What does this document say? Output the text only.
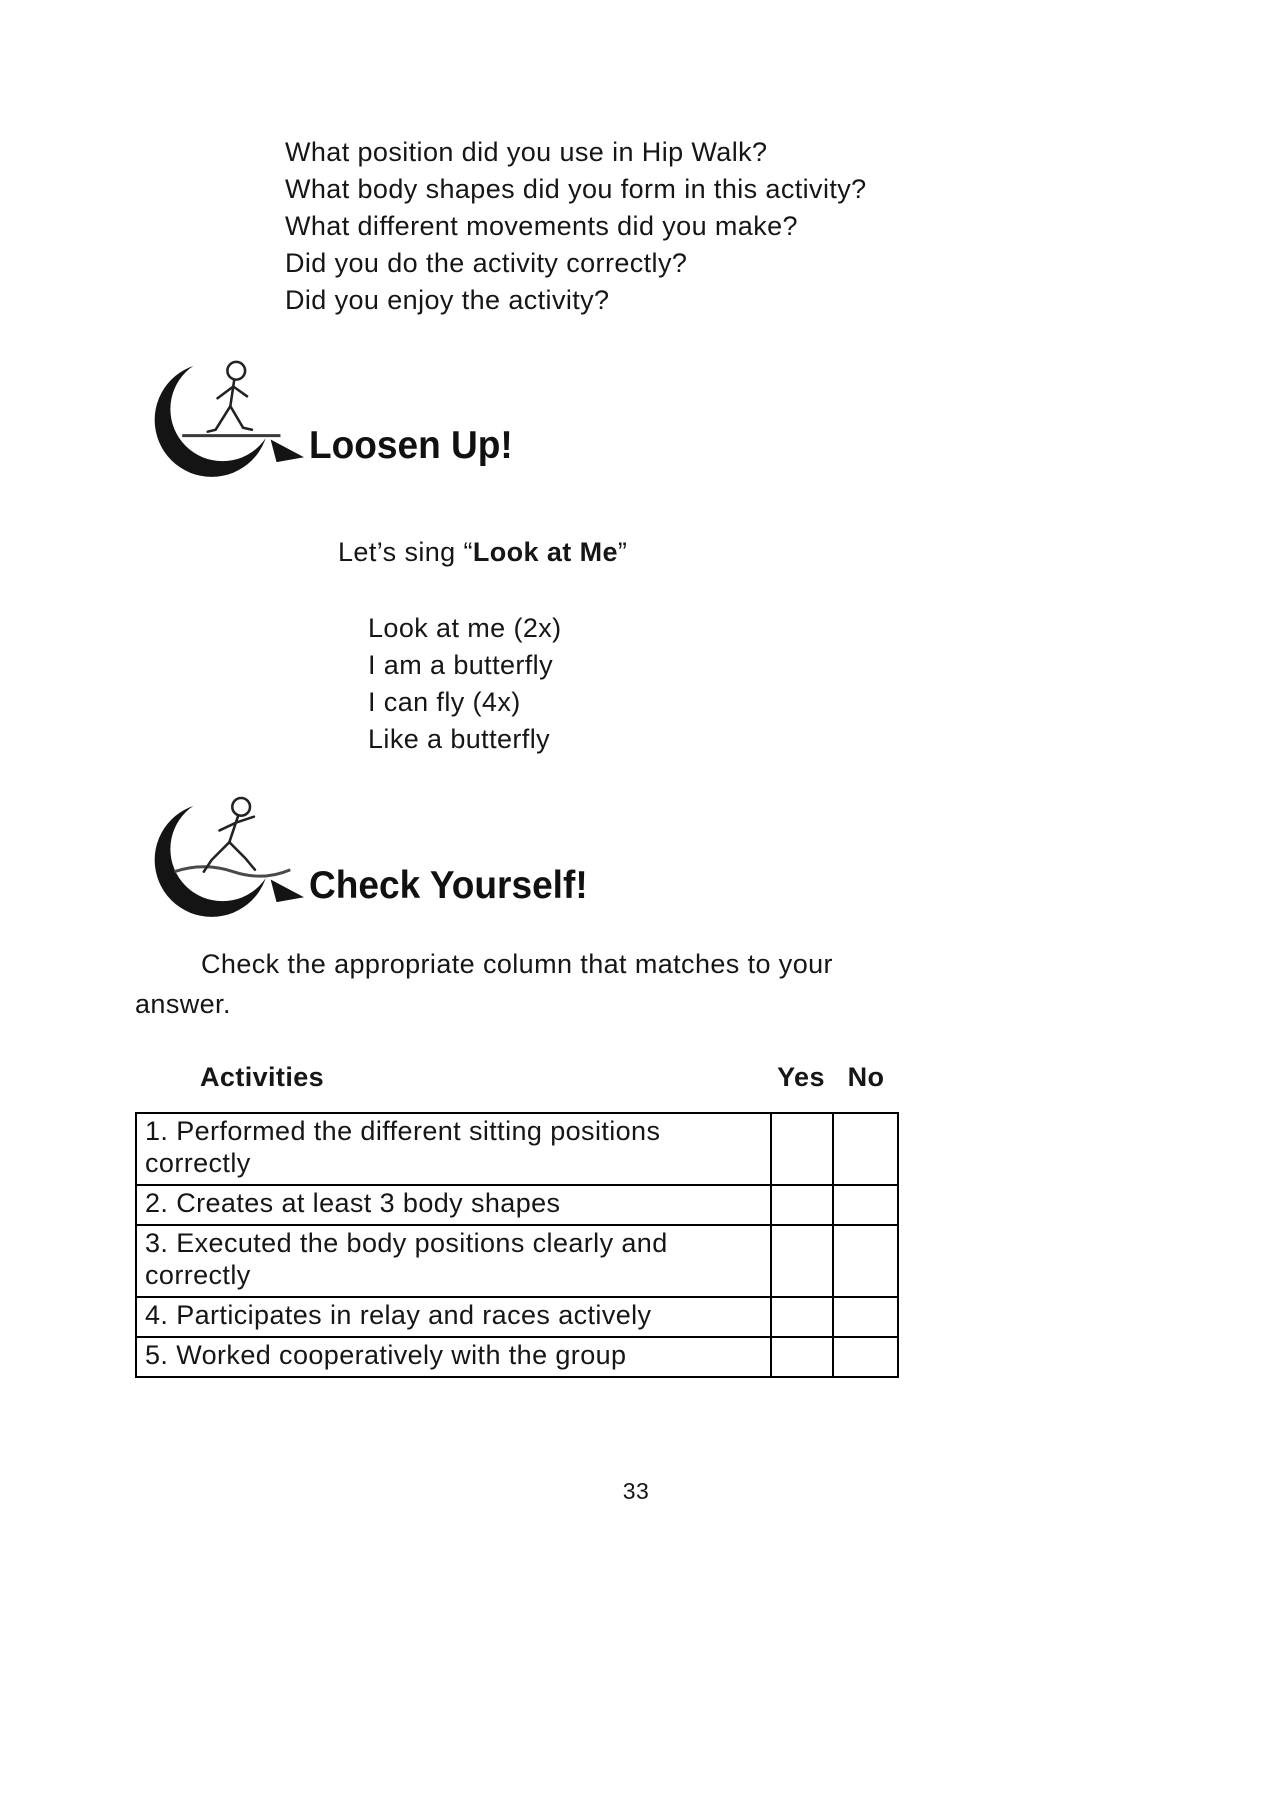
What position did you use in Hip Walk?
What body shapes did you form in this activity?
What different movements did you make?
Did you do the activity correctly?
Did you enjoy the activity?
Loosen Up!
Let’s sing “Look at Me”
Look at me (2x)
I am a butterfly
I can fly (4x)
Like a butterfly
Check Yourself!

Check the appropriate column that matches to your answer.

Activities	Yes No
1. Performed the different sitting positions correctly		
2. Creates at least 3 body shapes		
3. Executed the body positions clearly and correctly		
4. Participates in relay and races actively		
5. Worked cooperatively with the group		
33
